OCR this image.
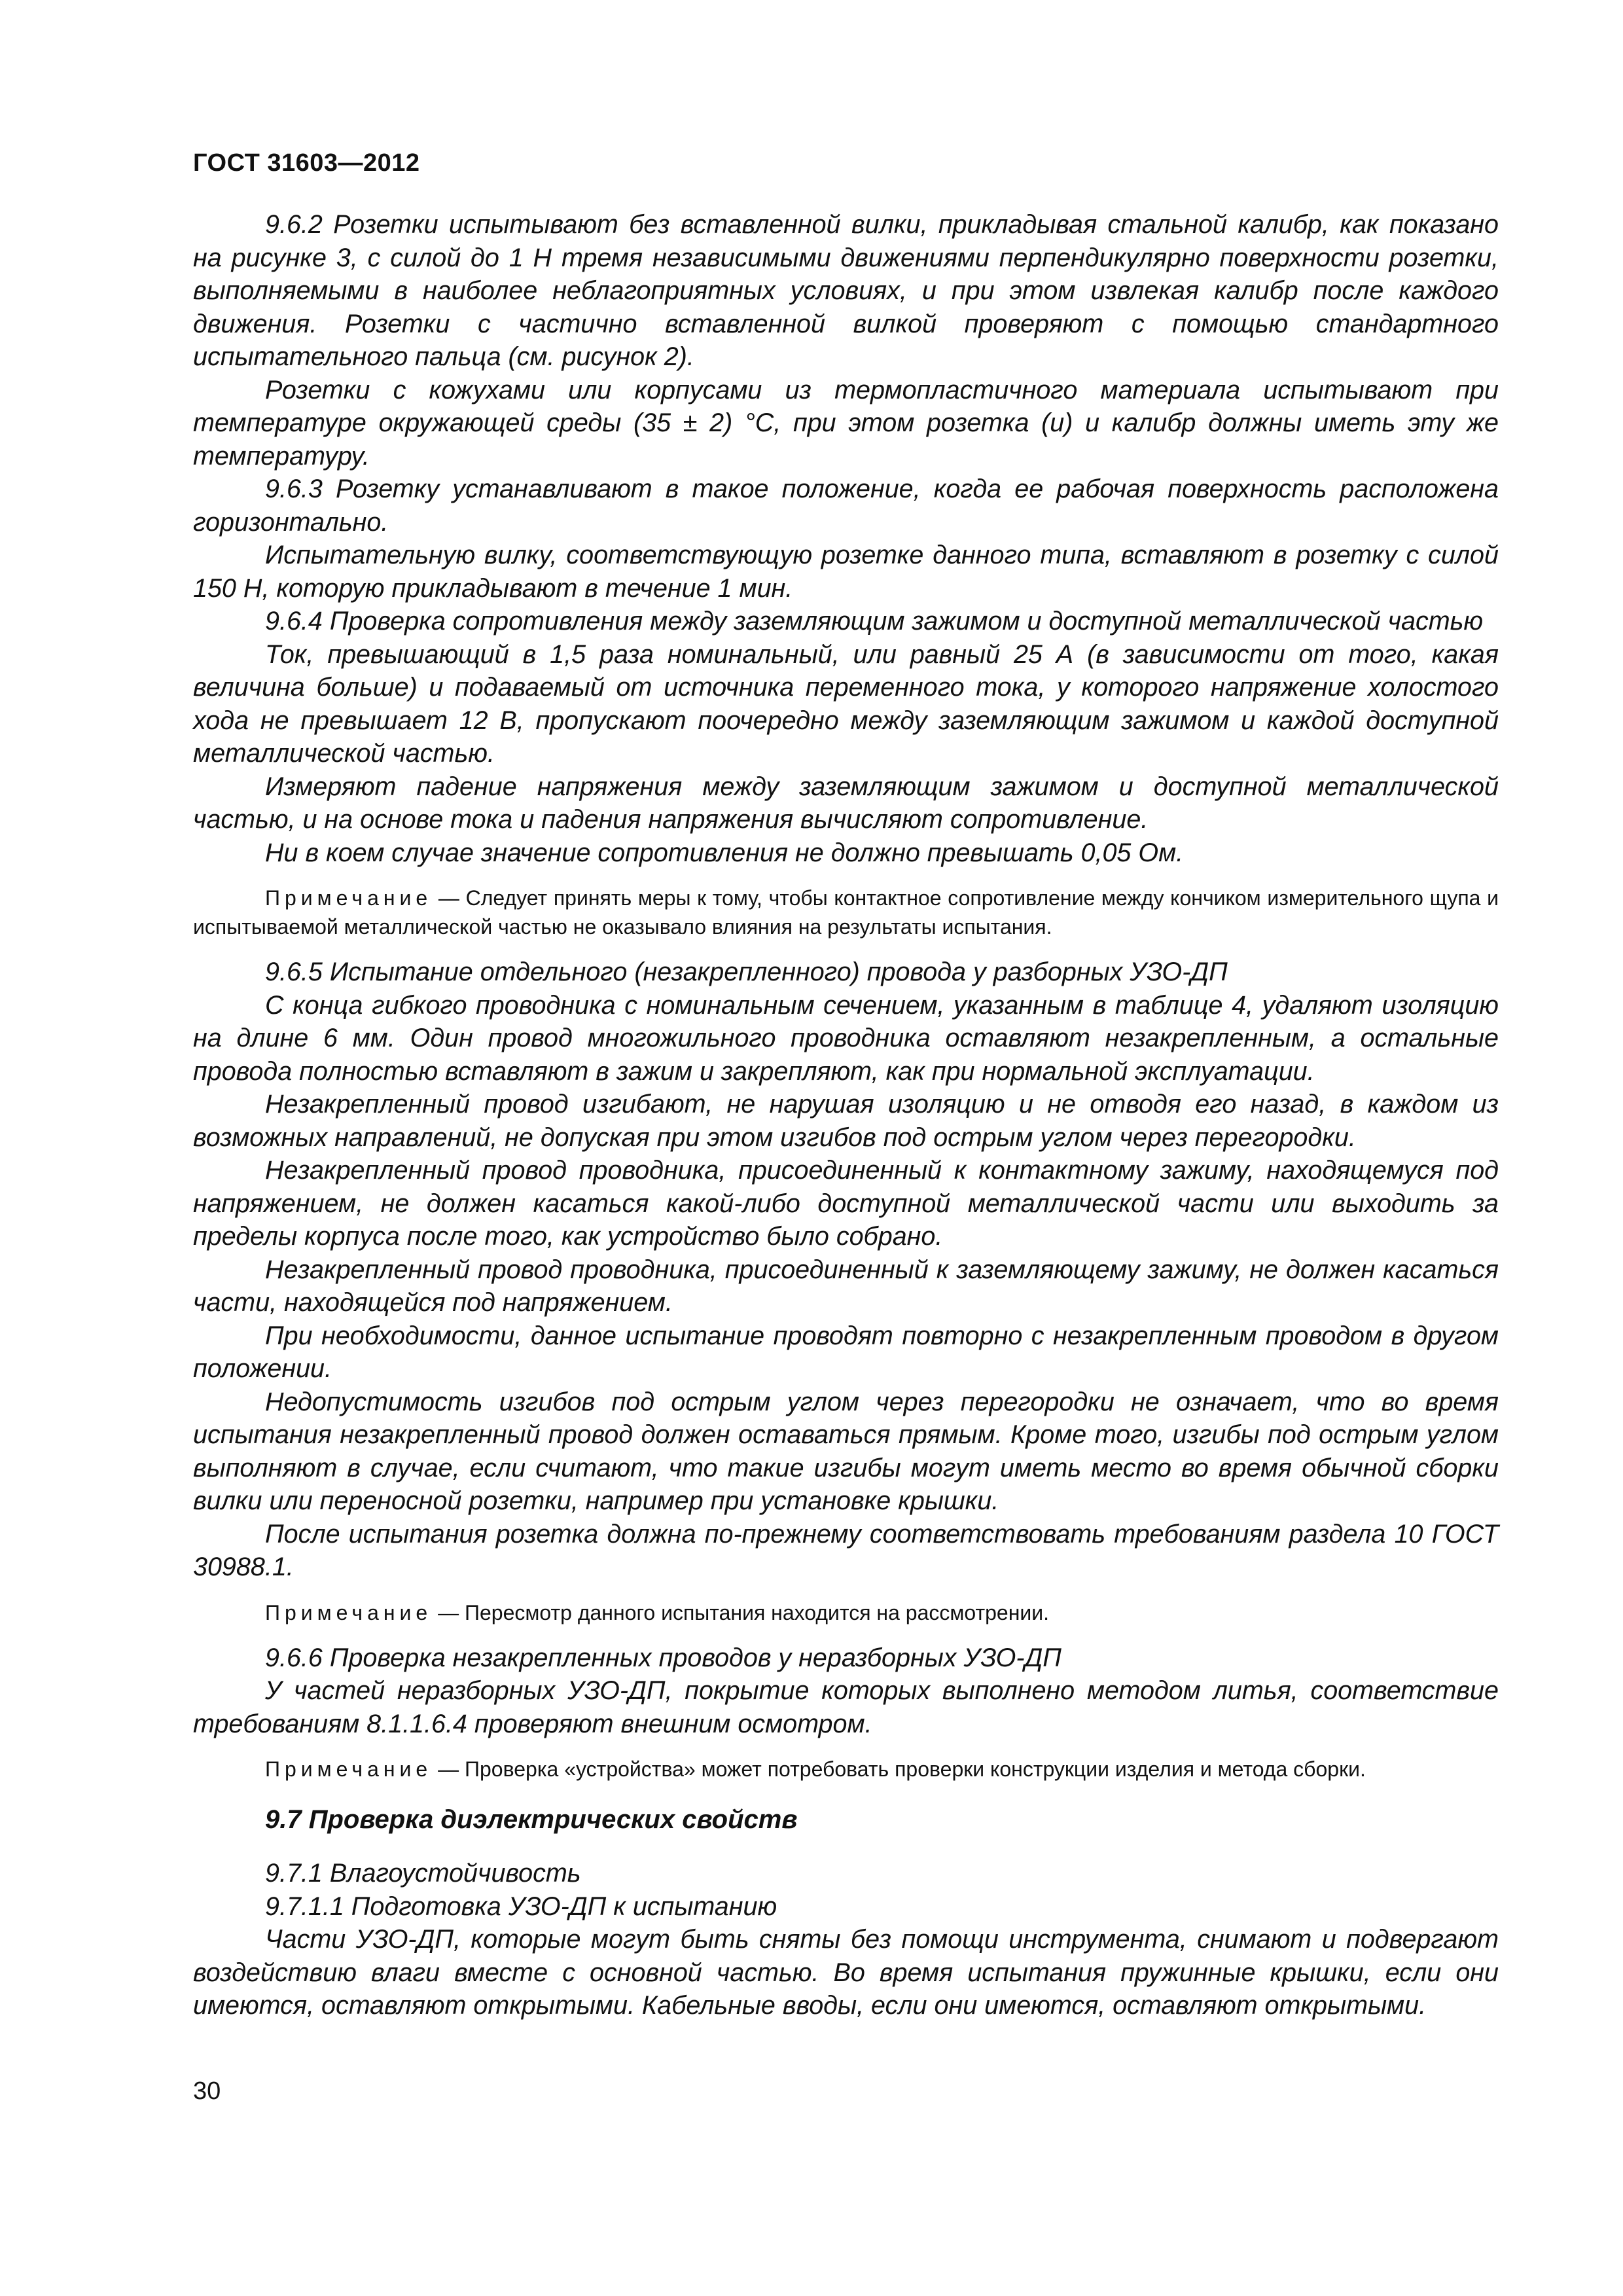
ГОСТ 31603—2012

9.6.2 Розетки испытывают без вставленной вилки, прикладывая стальной калибр, как показано на рисунке 3, с силой до 1 Н тремя независимыми движениями перпендикулярно поверхности розетки, выполняемыми в наиболее неблагоприятных условиях, и при этом извлекая калибр после каждого движения. Розетки с частично вставленной вилкой проверяют с помощью стандартного испытательного пальца (см. рисунок 2).

Розетки с кожухами или корпусами из термопластичного материала испытывают при температуре окружающей среды (35 ± 2) °С, при этом розетка (и) и калибр должны иметь эту же температуру.

9.6.3 Розетку устанавливают в такое положение, когда ее рабочая поверхность расположена горизонтально.

Испытательную вилку, соответствующую розетке данного типа, вставляют в розетку с силой 150 Н, которую прикладывают в течение 1 мин.

9.6.4 Проверка сопротивления между заземляющим зажимом и доступной металлической частью

Ток, превышающий в 1,5 раза номинальный, или равный 25 А (в зависимости от того, какая величина больше) и подаваемый от источника переменного тока, у которого напряжение холостого хода не превышает 12 В, пропускают поочередно между заземляющим зажимом и каждой доступной металлической частью.

Измеряют падение напряжения между заземляющим зажимом и доступной металлической частью, и на основе тока и падения напряжения вычисляют сопротивление.

Ни в коем случае значение сопротивления не должно превышать 0,05 Ом.

Примечание — Следует принять меры к тому, чтобы контактное сопротивление между кончиком измерительного щупа и испытываемой металлической частью не оказывало влияния на результаты испытания.

9.6.5 Испытание отдельного (незакрепленного) провода у разборных УЗО-ДП

С конца гибкого проводника с номинальным сечением, указанным в таблице 4, удаляют изоляцию на длине 6 мм. Один провод многожильного проводника оставляют незакрепленным, а остальные провода полностью вставляют в зажим и закрепляют, как при нормальной эксплуатации.

Незакрепленный провод изгибают, не нарушая изоляцию и не отводя его назад, в каждом из возможных направлений, не допуская при этом изгибов под острым углом через перегородки.

Незакрепленный провод проводника, присоединенный к контактному зажиму, находящемуся под напряжением, не должен касаться какой-либо доступной металлической части или выходить за пределы корпуса после того, как устройство было собрано.

Незакрепленный провод проводника, присоединенный к заземляющему зажиму, не должен касаться части, находящейся под напряжением.

При необходимости, данное испытание проводят повторно с незакрепленным проводом в другом положении.

Недопустимость изгибов под острым углом через перегородки не означает, что во время испытания незакрепленный провод должен оставаться прямым. Кроме того, изгибы под острым углом выполняют в случае, если считают, что такие изгибы могут иметь место во время обычной сборки вилки или переносной розетки, например при установке крышки.

После испытания розетка должна по-прежнему соответствовать требованиям раздела 10 ГОСТ 30988.1.

Примечание — Пересмотр данного испытания находится на рассмотрении.

9.6.6 Проверка незакрепленных проводов у неразборных УЗО-ДП

У частей неразборных УЗО-ДП, покрытие которых выполнено методом литья, соответствие требованиям 8.1.1.6.4 проверяют внешним осмотром.

Примечание — Проверка «устройства» может потребовать проверки конструкции изделия и метода сборки.

9.7 Проверка диэлектрических свойств

9.7.1 Влагоустойчивость

9.7.1.1 Подготовка УЗО-ДП к испытанию

Части УЗО-ДП, которые могут быть сняты без помощи инструмента, снимают и подвергают воздействию влаги вместе с основной частью. Во время испытания пружинные крышки, если они имеются, оставляют открытыми. Кабельные вводы, если они имеются, оставляют открытыми.

30
